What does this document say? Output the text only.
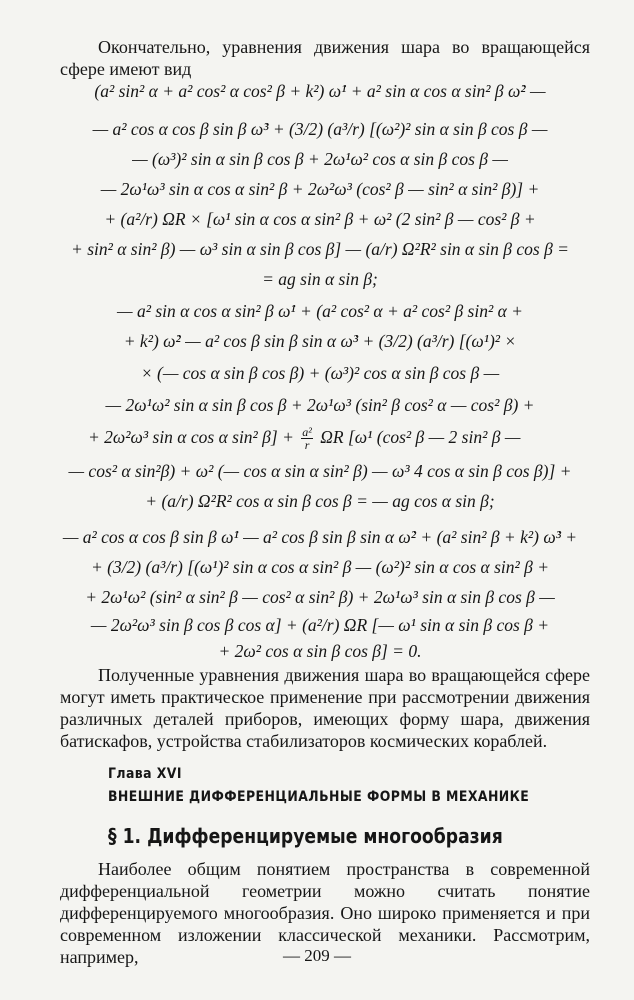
Окончательно, уравнения движения шара во вращающейся сфере имеют вид

(a² sin² α + a² cos² α cos² β + k²) ω̇¹ + a² sin α cos α sin² β ω̇² —
— a² cos α cos β sin β ω̇³ + (3/2) (a³/r) [(ω²)² sin α sin β cos β —
— (ω³)² sin α sin β cos β + 2ω¹ω² cos α sin β cos β —
— 2ω¹ω³ sin α cos α sin² β + 2ω²ω³ (cos² β — sin² α sin² β)] +
+ (a²/r) ΩR × [ω¹ sin α cos α sin² β + ω² (2 sin² β — cos² β +
+ sin² α sin² β) — ω³ sin α sin β cos β] — (a/r) Ω²R² sin α sin β cos β =
= ag sin α sin β;
— a² sin α cos α sin² β ω̇¹ + (a² cos² α + a² cos² β sin² α +
+ k²) ω̇² — a² cos β sin β sin α ω̇³ + (3/2) (a³/r) [(ω¹)² ×
× (— cos α sin β cos β) + (ω³)² cos α sin β cos β —
— 2ω¹ω² sin α sin β cos β + 2ω¹ω³ (sin² β cos² α — cos² β) +
+ 2ω²ω³ sin α cos α sin² $\beta] + \frac{\text{a²}}{r}$ ΩR [ω¹ (cos² β — 2 sin² β —
— cos² α sin²β) + ω² (— cos α sin α sin² β) — ω³ 4 cos α sin β cos β)] +
+ (a/r) Ω²R² cos α sin β cos β = — ag cos α sin β;
— a² cos α cos β sin β ω̇¹ — a² cos β sin β sin α ω̇² + (a² sin² β + k²) ω̇³ +
+ (3/2) (a³/r) [(ω¹)² sin α cos α sin² β — (ω²)² sin α cos α sin² β +
+ 2ω¹ω² (sin² α sin² β — cos² α sin² β) + 2ω¹ω³ sin α sin β cos β —
— 2ω²ω³ sin β cos β cos α] + (a²/r) ΩR [— ω¹ sin α sin β cos β +
+ 2ω² cos α sin β cos β] = 0.

Полученные уравнения движения шара во вращающейся сфере могут иметь практическое применение при рассмотрении движения различных деталей приборов, имеющих форму шара, движения батискафов, устройства стабилизаторов космических кораблей.

Глава XVI
ВНЕШНИЕ ДИФФЕРЕНЦИАЛЬНЫЕ ФОРМЫ В МЕХАНИКЕ
§ 1. Дифференцируемые многообразия

Наиболее общим понятием пространства в современной дифференциальной геометрии можно считать понятие дифференцируемого многообразия. Оно широко применяется и при современном изложении классической механики. Рассмотрим, например,	— 209 —
